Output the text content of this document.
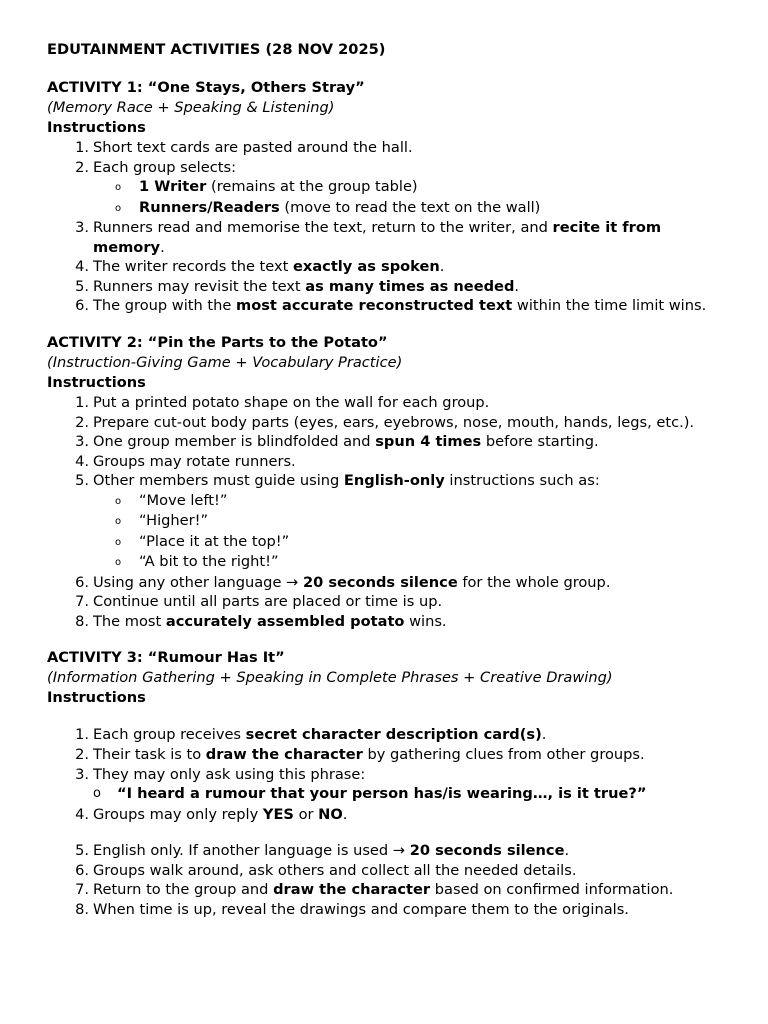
EDUTAINMENT ACTIVITIES (28 NOV 2025)
ACTIVITY 1: “One Stays, Others Stray”
(Memory Race + Speaking & Listening)
Instructions
1. Short text cards are pasted around the hall.
2. Each group selects:
o 1 Writer (remains at the group table)
o Runners/Readers (move to read the text on the wall)
3. Runners read and memorise the text, return to the writer, and recite it from memory.
4. The writer records the text exactly as spoken.
5. Runners may revisit the text as many times as needed.
6. The group with the most accurate reconstructed text within the time limit wins.
ACTIVITY 2: “Pin the Parts to the Potato”
(Instruction-Giving Game + Vocabulary Practice)
Instructions
1. Put a printed potato shape on the wall for each group.
2. Prepare cut-out body parts (eyes, ears, eyebrows, nose, mouth, hands, legs, etc.).
3. One group member is blindfolded and spun 4 times before starting.
4. Groups may rotate runners.
5. Other members must guide using English-only instructions such as:
o “Move left!”
o “Higher!”
o “Place it at the top!”
o “A bit to the right!”
6. Using any other language → 20 seconds silence for the whole group.
7. Continue until all parts are placed or time is up.
8. The most accurately assembled potato wins.
ACTIVITY 3: “Rumour Has It”
(Information Gathering + Speaking in Complete Phrases + Creative Drawing)
Instructions
1. Each group receives secret character description card(s).
2. Their task is to draw the character by gathering clues from other groups.
3. They may only ask using this phrase:
o “I heard a rumour that your person has/is wearing…, is it true?”
4. Groups may only reply YES or NO.
5. English only. If another language is used → 20 seconds silence.
6. Groups walk around, ask others and collect all the needed details.
7. Return to the group and draw the character based on confirmed information.
8. When time is up, reveal the drawings and compare them to the originals.
